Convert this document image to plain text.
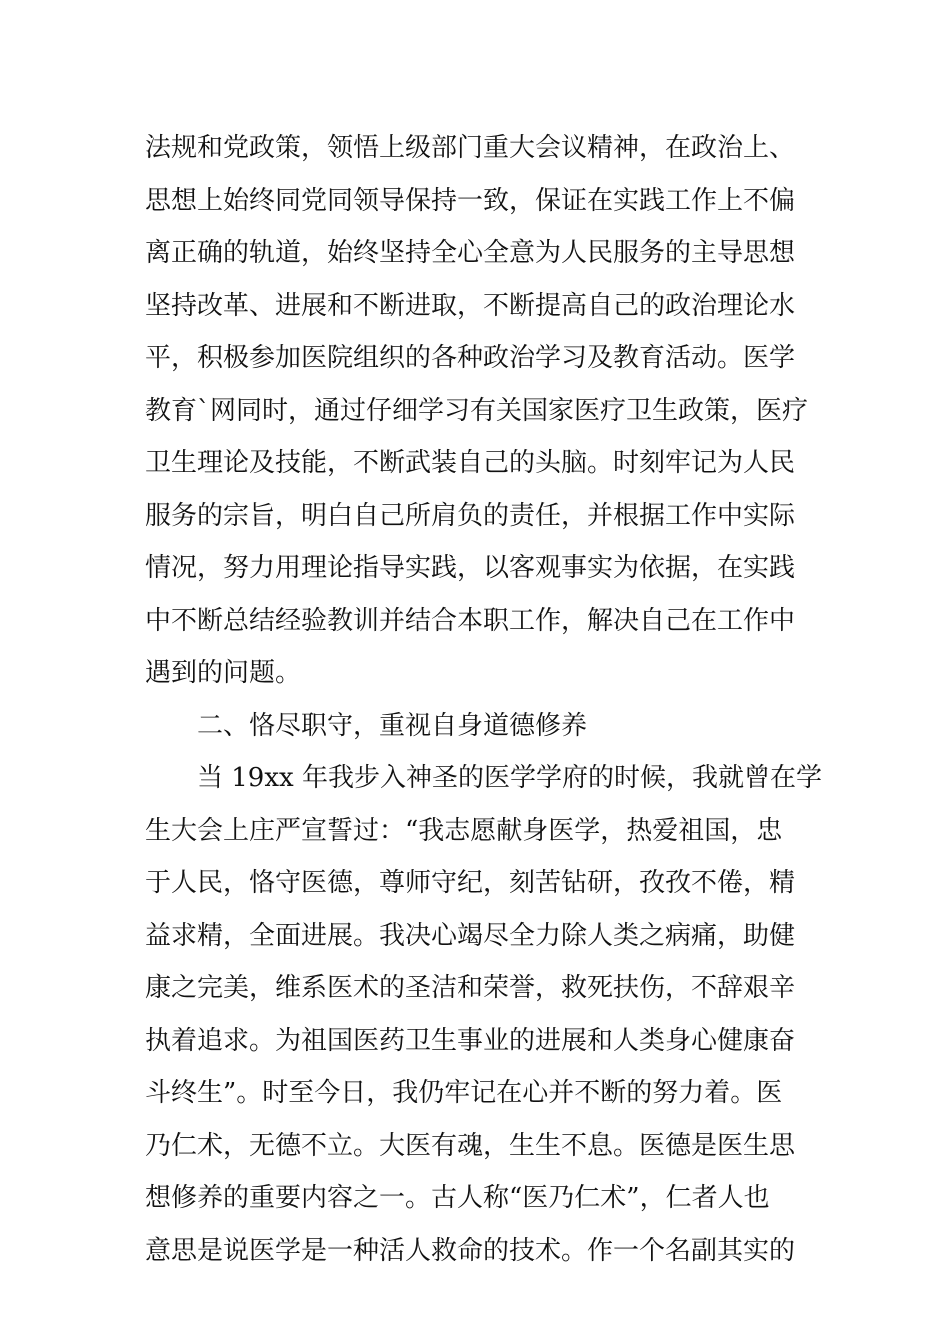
法规和党政策，领悟上级部门重大会议精神，在政治上、
思想上始终同党同领导保持一致，保证在实践工作上不偏
离正确的轨道，始终坚持全心全意为人民服务的主导思想
坚持改革、进展和不断进取，不断提高自己的政治理论水
平，积极参加医院组织的各种政治学习及教育活动。医学
教育`网同时，通过仔细学习有关国家医疗卫生政策，医疗
卫生理论及技能，不断武装自己的头脑。时刻牢记为人民
服务的宗旨，明白自己所肩负的责任，并根据工作中实际
情况，努力用理论指导实践，以客观事实为依据，在实践
中不断总结经验教训并结合本职工作，解决自己在工作中
遇到的问题。
二、恪尽职守，重视自身道德修养
当 19xx 年我步入神圣的医学学府的时候，我就曾在学
生大会上庄严宣誓过：“我志愿献身医学，热爱祖国，忠
于人民，恪守医德，尊师守纪，刻苦钻研，孜孜不倦，精
益求精，全面进展。我决心竭尽全力除人类之病痛，助健
康之完美，维系医术的圣洁和荣誉，救死扶伤，不辞艰辛
执着追求。为祖国医药卫生事业的进展和人类身心健康奋
斗终生”。时至今日，我仍牢记在心并不断的努力着。医
乃仁术，无德不立。大医有魂，生生不息。医德是医生思
想修养的重要内容之一。古人称“医乃仁术”，仁者人也
意思是说医学是一种活人救命的技术。作一个名副其实的
